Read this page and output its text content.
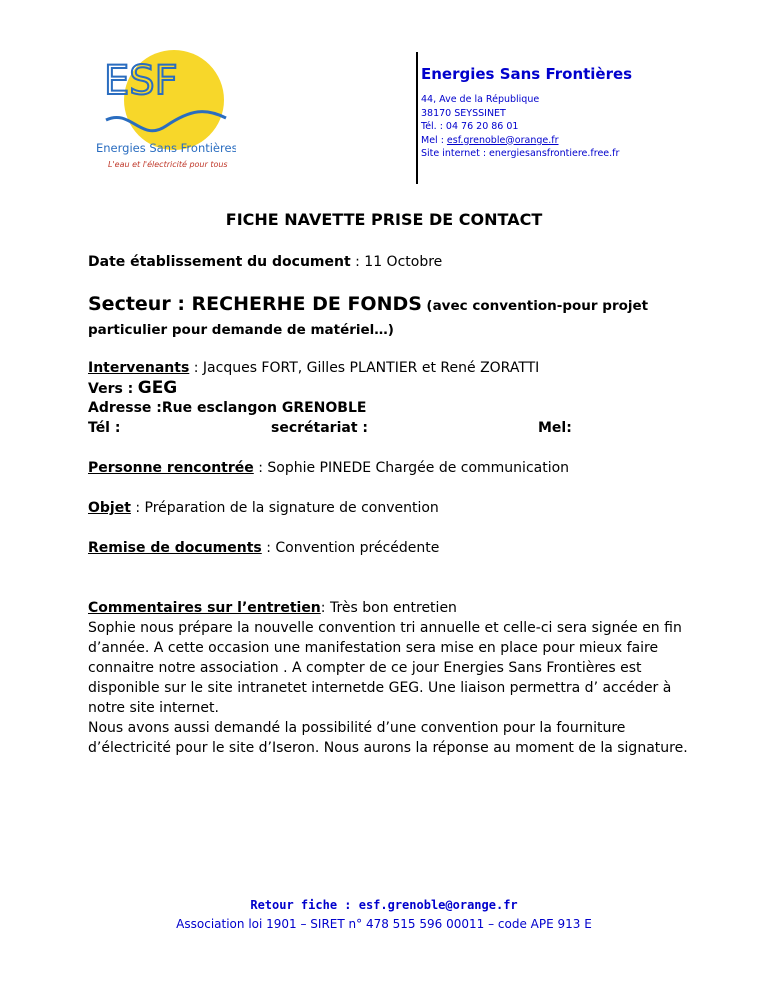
ESF
Energies Sans Frontières
L'eau et l'électricité pour tous
Energies Sans Frontières
44, Ave de la République
38170 SEYSSINET
Tél. : 04 76 20 86 01
Mel : esf.grenoble@orange.fr
Site internet : energiesansfrontiere.free.fr
FICHE NAVETTE PRISE DE CONTACT
Date établissement du document : 11 Octobre
Secteur : RECHERHE DE FONDS (avec convention-pour projet particulier pour demande de matériel…)
Intervenants : Jacques FORT, Gilles PLANTIER et René ZORATTI
Vers : GEG
Adresse :Rue esclangon GRENOBLE
Tél :	secrétariat :	Mel:
Personne rencontrée : Sophie PINEDE Chargée de communication
Objet : Préparation de la signature de convention
Remise de documents : Convention précédente
Commentaires sur l’entretien: Très bon entretien
Sophie nous prépare la nouvelle convention tri annuelle et celle-ci sera signée en fin d’année. A cette occasion une manifestation sera mise en place pour mieux faire connaitre notre association . A compter de ce jour Energies Sans Frontières est disponible sur le site intranetet internetde GEG. Une liaison permettra d’ accéder à notre site internet.
Nous avons aussi demandé la possibilité d’une convention pour la fourniture d’électricité pour le site d’Iseron. Nous aurons la réponse au moment de la signature.
Retour fiche : esf.grenoble@orange.fr
Association loi 1901 – SIRET n° 478 515 596 00011 – code APE 913 E
